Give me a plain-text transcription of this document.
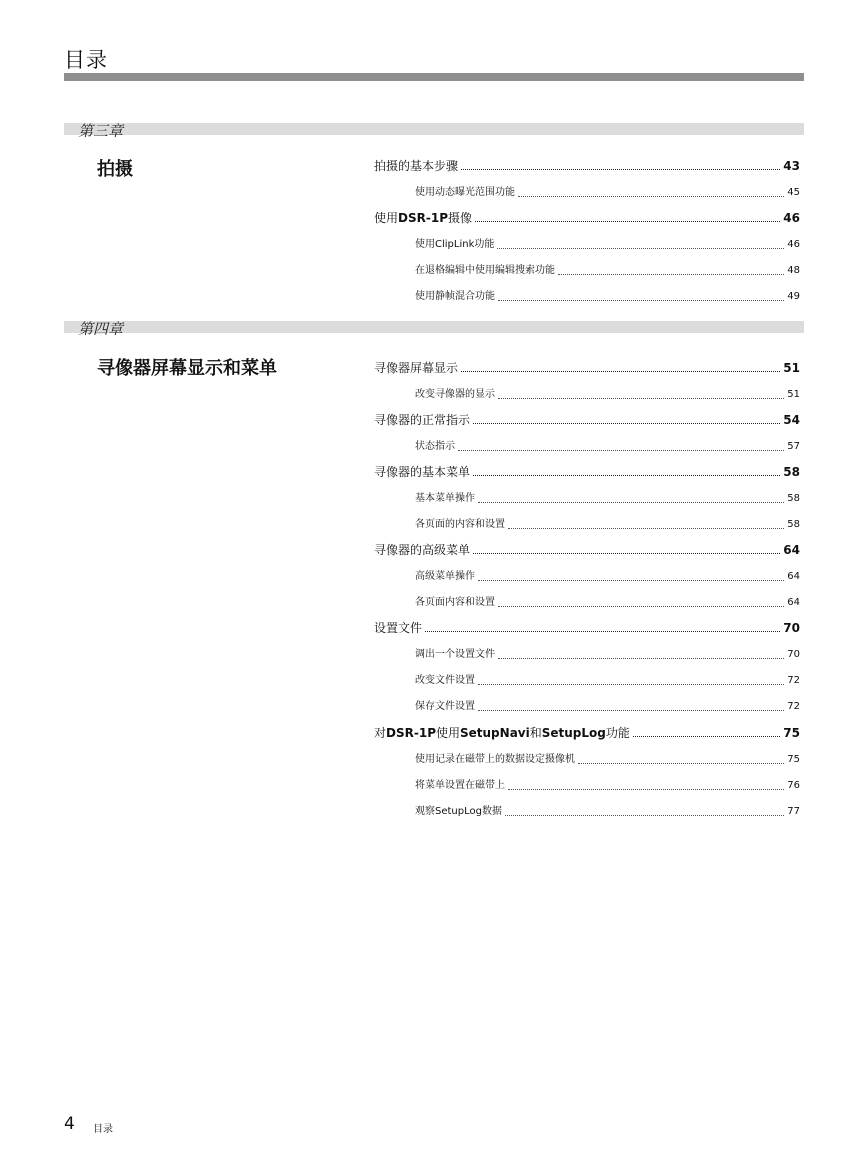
目录
第三章
拍摄	拍摄的基本步骤	43
使用动态曝光范围功能	45
使用DSR-1P摄像	46
使用ClipLink功能	46
在退格编辑中使用编辑搜索功能	48
使用静帧混合功能	49
第四章
寻像器屏幕显示和菜单	寻像器屏幕显示	51
改变寻像器的显示	51
寻像器的正常指示	54
状态指示	57
寻像器的基本菜单	58
基本菜单操作	58
各页面的内容和设置	58
寻像器的高级菜单	64
高级菜单操作	64
各页面内容和设置	64
设置文件	70
调出一个设置文件	70
改变文件设置	72
保存文件设置	72
对DSR-1P使用SetupNavi和SetupLog功能	75
使用记录在磁带上的数据设定摄像机	75
将菜单设置在磁带上	76
观察SetupLog数据	77
4 目录
